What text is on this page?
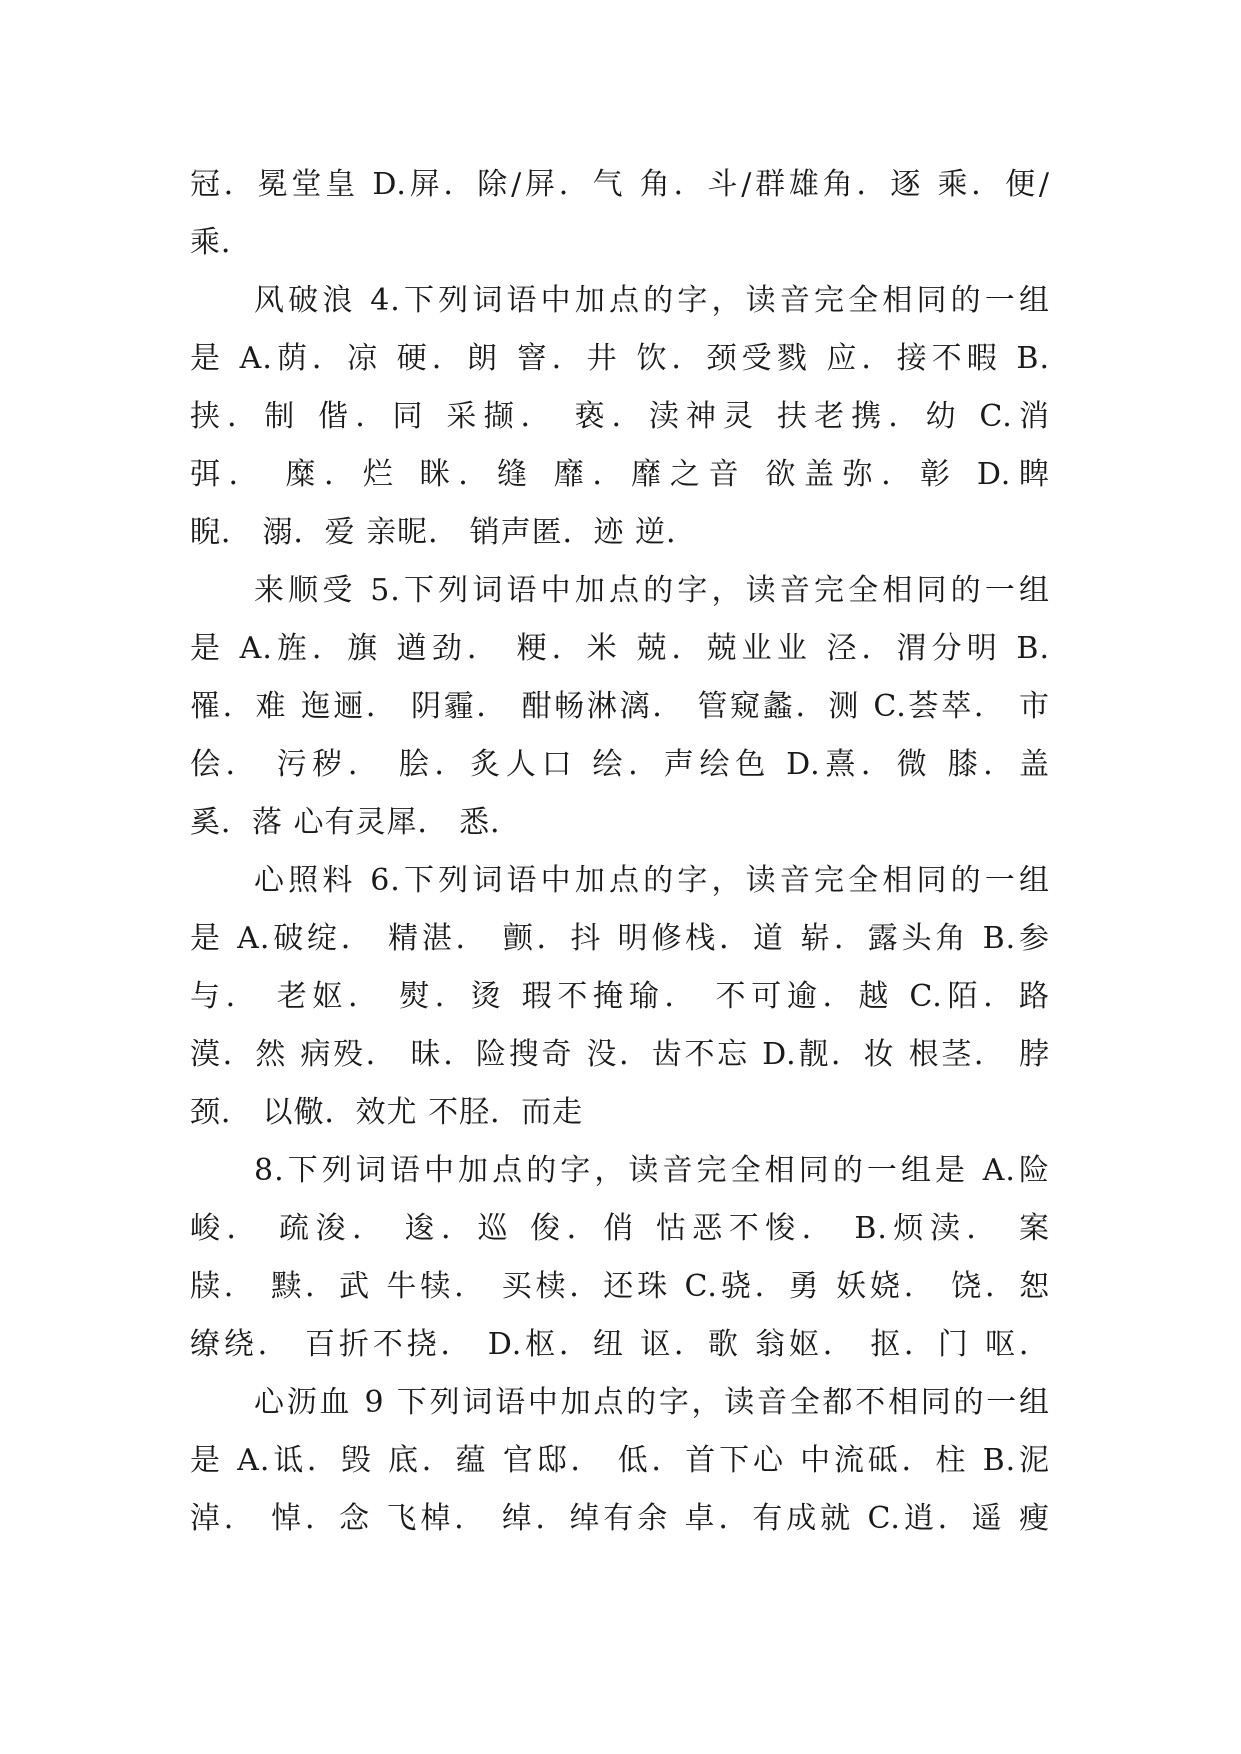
冠．冕堂皇 D.屏．除/屏．气 角．斗/群雄角．逐 乘．便/
乘．
风破浪 4.下列词语中加点的字，读音完全相同的一组
是 A.荫．凉 硬．朗 窨．井 饮．颈受戮 应．接不暇 B.
挟．制 偕．同 采撷． 亵．渎神灵 扶老携．幼 C.消
弭． 糜．烂 眯．缝 靡．靡之音 欲盖弥．彰 D.睥
睨． 溺．爱 亲昵． 销声匿．迹 逆．
来顺受 5.下列词语中加点的字，读音完全相同的一组
是 A.旌．旗 遒劲． 粳．米 兢．兢业业 泾．渭分明 B.
罹．难 迤逦． 阴霾． 酣畅淋漓． 管窥蠡．测 C.荟萃． 市
侩． 污秽． 脍．炙人口 绘．声绘色 D.熹．微 膝．盖
奚．落 心有灵犀． 悉．
心照料 6.下列词语中加点的字，读音完全相同的一组
是 A.破绽． 精湛． 颤．抖 明修栈．道 崭．露头角 B.参
与． 老妪． 熨．烫 瑕不掩瑜． 不可逾．越 C.陌．路
漠．然 病殁． 昧．险搜奇 没．齿不忘 D.靓．妆 根茎． 脖
颈． 以儆．效尤 不胫．而走
8.下列词语中加点的字，读音完全相同的一组是 A.险
峻． 疏浚． 逡．巡 俊．俏 怙恶不悛． B.烦渎． 案
牍． 黩．武 牛犊． 买椟．还珠 C.骁．勇 妖娆． 饶．恕
缭绕． 百折不挠． D.枢．纽 讴．歌 翁妪． 抠．门 呕．
心沥血 9 下列词语中加点的字，读音全都不相同的一组
是 A.诋．毁 底．蕴 官邸． 低．首下心 中流砥．柱 B.泥
淖． 悼．念 飞棹． 绰．绰有余 卓．有成就 C.逍．遥 瘦
